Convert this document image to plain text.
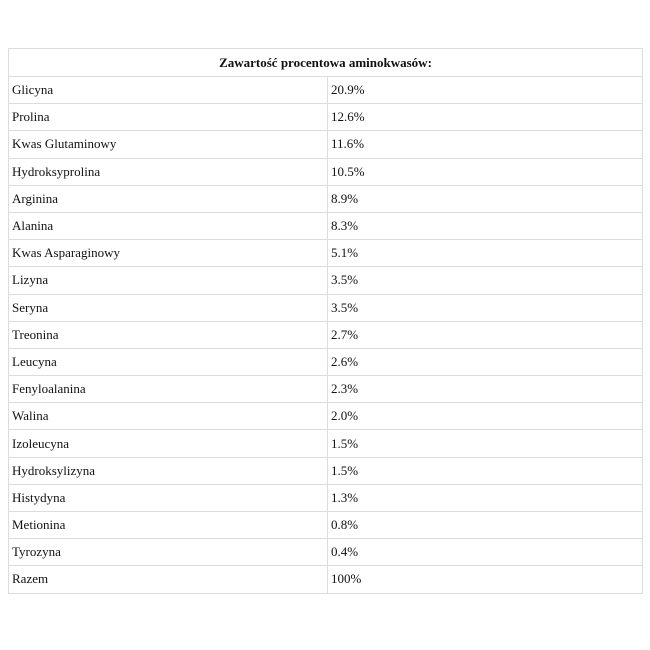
Zawartość procentowa aminokwasów:	
Glicyna	20.9%
Prolina	12.6%
Kwas Glutaminowy	11.6%
Hydroksyprolina	10.5%
Arginina	8.9%
Alanina	8.3%
Kwas Asparaginowy	5.1%
Lizyna	3.5%
Seryna	3.5%
Treonina	2.7%
Leucyna	2.6%
Fenyloalanina	2.3%
Walina	2.0%
Izoleucyna	1.5%
Hydroksylizyna	1.5%
Histydyna	1.3%
Metionina	0.8%
Tyrozyna	0.4%
Razem	100%
